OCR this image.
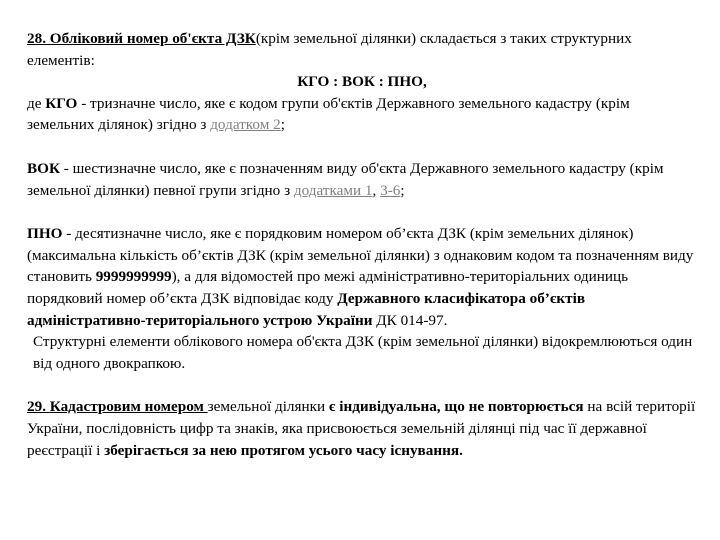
28. Обліковий номер об'єкта ДЗК(крім земельної ділянки) складається з таких структурних елементів:

КГО : ВОК : ПНО,

де КГО - тризначне число, яке є кодом групи об'єктів Державного земельного кадастру (крім земельних ділянок) згідно з додатком 2;

ВОК - шестизначне число, яке є позначенням виду об'єкта Державного земельного кадастру (крім земельної ділянки) певної групи згідно з додатками 1, 3-6;

ПНО - десятизначне число, яке є порядковим номером об’єкта ДЗК (крім земельних ділянок) (максимальна кількість об’єктів ДЗК (крім земельної ділянки) з однаковим кодом та позначенням виду становить 9999999999), а для відомостей про межі адміністративно-територіальних одиниць порядковий номер об’єкта ДЗК відповідає коду Державного класифікатора об’єктів адміністративно-територіального устрою України ДК 014-97.

Структурні елементи облікового номера об'єкта ДЗК (крім земельної ділянки) відокремлюються один від одного двокрапкою.

29. Кадастровим номером земельної ділянки є індивідуальна, що не повторюється на всій території України, послідовність цифр та знаків, яка присвоюється земельній ділянці під час її державної реєстрації і зберігається за нею протягом усього часу існування.
